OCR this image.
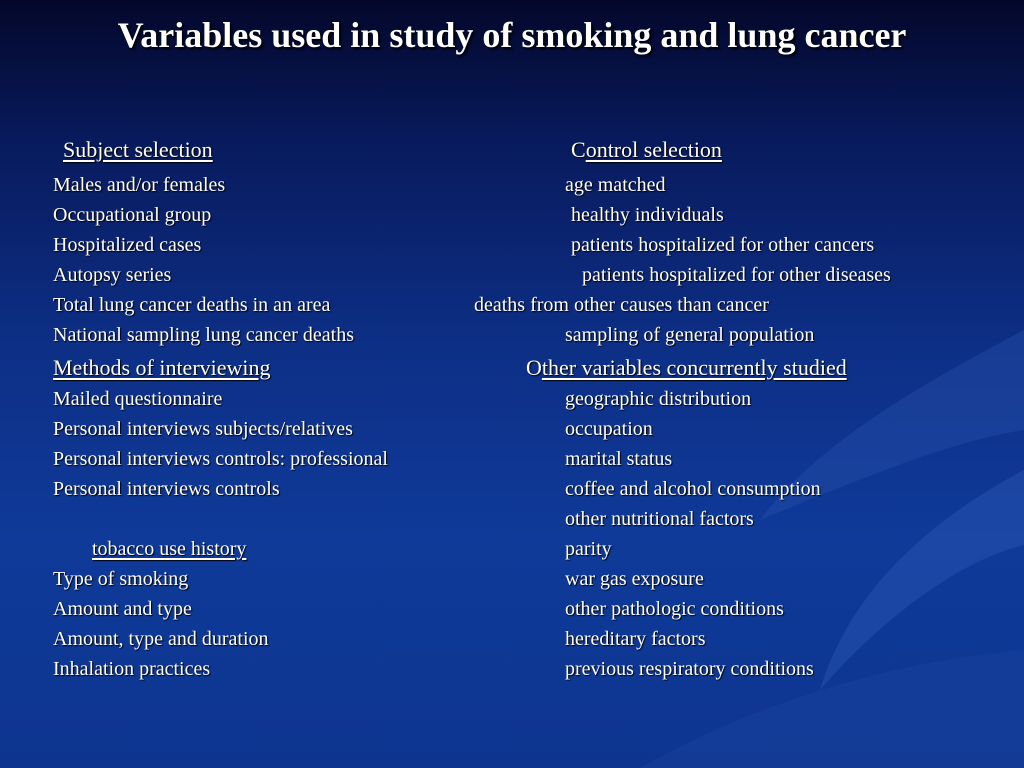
Variables used in study of smoking and lung cancer
Subject selection	Control selection
Males and/or females
Occupational group
Hospitalized cases
Autopsy series
Total lung cancer deaths in an area
National sampling lung cancer deaths
age matched
healthy individuals
patients hospitalized for other cancers
patients hospitalized for other diseases
deaths from other causes than cancer
sampling of general population
Methods of interviewing	Other variables concurrently studied
Mailed questionnaire
Personal interviews subjects/relatives
Personal interviews controls: professional
Personal interviews controls
tobacco use history
Type of smoking
Amount and type
Amount, type and duration
Inhalation practices
geographic distribution
occupation
marital status
coffee and alcohol consumption
other nutritional factors
parity
war gas exposure
other pathologic conditions
hereditary factors
previous respiratory conditions
